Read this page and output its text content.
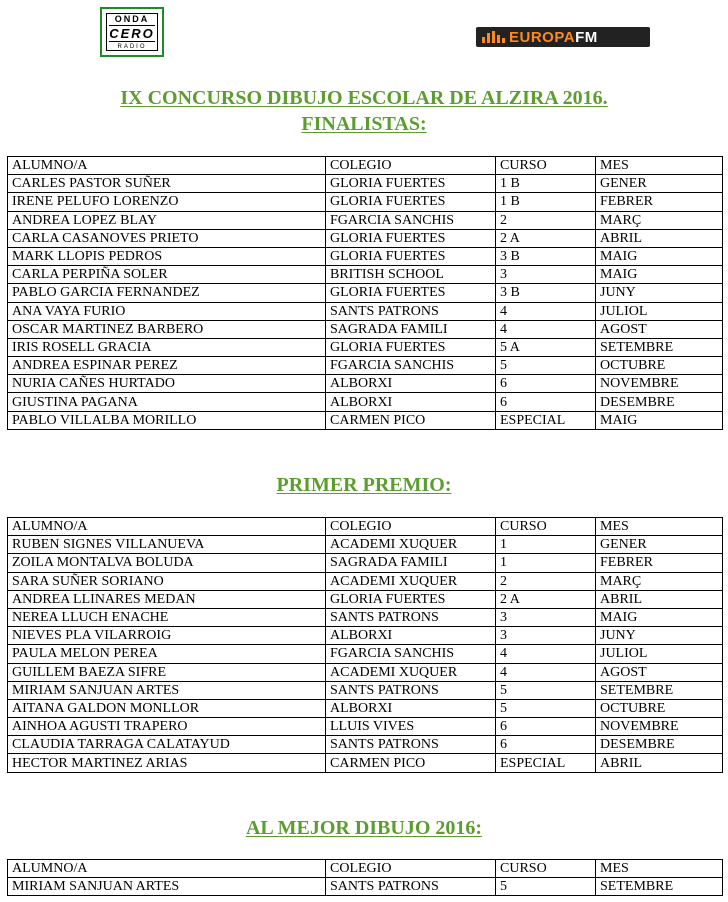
ONDA
CERO
RADIO
EUROPAFM
IX CONCURSO DIBUJO ESCOLAR DE ALZIRA 2016.
FINALISTAS:
ALUMNO/A	COLEGIO	CURSO	MES
CARLES PASTOR SUÑER	GLORIA FUERTES	1 B	GENER
IRENE PELUFO LORENZO	GLORIA FUERTES	1 B	FEBRER
ANDREA LOPEZ BLAY	FGARCIA SANCHIS	2	MARÇ
CARLA CASANOVES PRIETO	GLORIA FUERTES	2 A	ABRIL
MARK LLOPIS PEDROS	GLORIA FUERTES	3 B	MAIG
CARLA PERPIÑA SOLER	BRITISH SCHOOL	3	MAIG
PABLO GARCIA FERNANDEZ	GLORIA FUERTES	3 B	JUNY
ANA VAYA FURIO	SANTS PATRONS	4	JULIOL
OSCAR MARTINEZ BARBERO	SAGRADA FAMILI	4	AGOST
IRIS ROSELL GRACIA	GLORIA FUERTES	5 A	SETEMBRE
ANDREA ESPINAR PEREZ	FGARCIA SANCHIS	5	OCTUBRE
NURIA CAÑES HURTADO	ALBORXI	6	NOVEMBRE
GIUSTINA PAGANA	ALBORXI	6	DESEMBRE
PABLO VILLALBA MORILLO	CARMEN PICO	ESPECIAL	MAIG
PRIMER PREMIO:
ALUMNO/A	COLEGIO	CURSO	MES
RUBEN SIGNES VILLANUEVA	ACADEMI XUQUER	1	GENER
ZOILA MONTALVA BOLUDA	SAGRADA FAMILI	1	FEBRER
SARA SUÑER SORIANO	ACADEMI XUQUER	2	MARÇ
ANDREA LLINARES MEDAN	GLORIA FUERTES	2 A	ABRIL
NEREA LLUCH ENACHE	SANTS PATRONS	3	MAIG
NIEVES PLA VILARROIG	ALBORXI	3	JUNY
PAULA MELON PEREA	FGARCIA SANCHIS	4	JULIOL
GUILLEM BAEZA SIFRE	ACADEMI XUQUER	4	AGOST
MIRIAM SANJUAN ARTES	SANTS PATRONS	5	SETEMBRE
AITANA GALDON MONLLOR	ALBORXI	5	OCTUBRE
AINHOA AGUSTI TRAPERO	LLUIS VIVES	6	NOVEMBRE
CLAUDIA TARRAGA CALATAYUD	SANTS PATRONS	6	DESEMBRE
HECTOR MARTINEZ ARIAS	CARMEN PICO	ESPECIAL	ABRIL
AL MEJOR DIBUJO 2016:
ALUMNO/A	COLEGIO	CURSO	MES
MIRIAM SANJUAN ARTES	SANTS PATRONS	5	SETEMBRE
